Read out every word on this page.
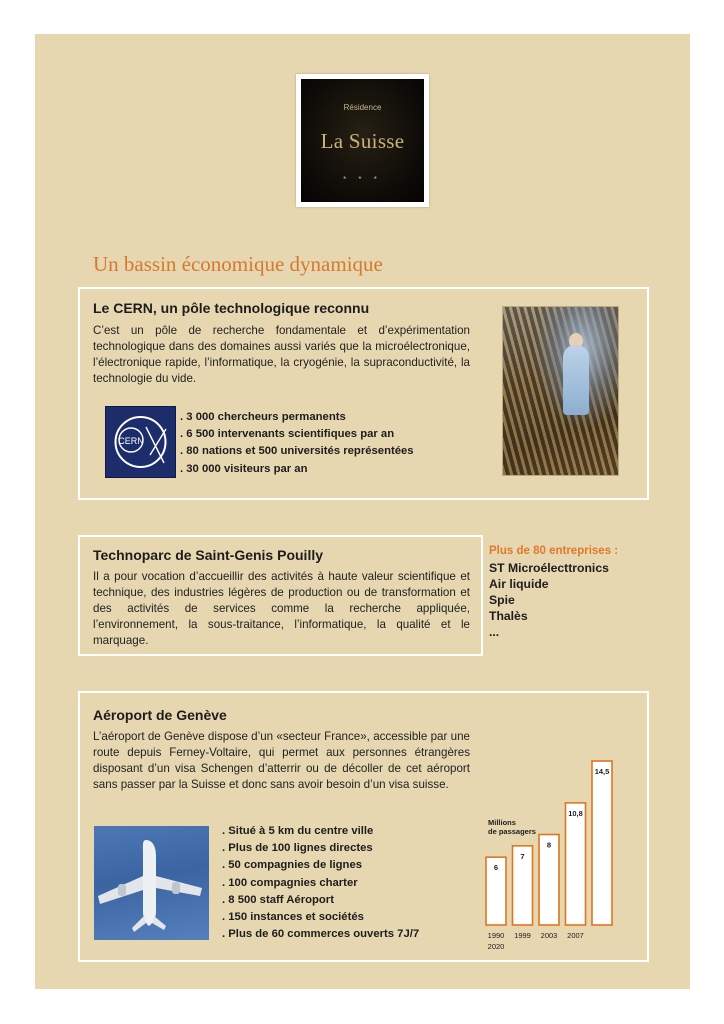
Résidence
La Suisse
* * *
Un bassin économique dynamique
Le CERN, un pôle technologique reconnu

C’est un pôle de recherche fondamentale et d’expérimentation technologique dans des domaines aussi variés que la microélectronique, l’électronique rapide, l’informatique, la cryogénie, la supraconductivité, la technologie du vide.

CERN
. 3 000 chercheurs permanents
. 6 500 intervenants scientifiques par an
. 80 nations et 500 universités représentées
. 30 000 visiteurs par an
Technoparc de Saint-Genis Pouilly

Il a pour vocation d’accueillir des activités à haute valeur scientifique et technique, des industries légères de production ou de transformation et des activités de services comme la recherche appliquée, l’environnement, la sous-traitance, l’informatique, la qualité et le marquage.

Plus de 80 entreprises :
ST Microélecttronics
Air liquide
Spie
Thalès
...
Aéroport de Genève

L’aéroport de Genève dispose d’un «secteur France», accessible par une route depuis Ferney-Voltaire, qui permet aux personnes étrangères disposant d’un visa Schengen d’atterrir ou de décoller de cet aéroport sans passer par la Suisse et donc sans avoir besoin d’un visa suisse.

. Situé à 5 km du centre ville
. Plus de 100 lignes directes
. 50 compagnies de lignes
. 100 compagnies charter
. 8 500 staff Aéroport
. 150 instances et sociétés
. Plus de 60 commerces ouverts 7J/7
Millions de passagers
6
1990
2020
7
1999
8
2003
10,8
2007
14,5
